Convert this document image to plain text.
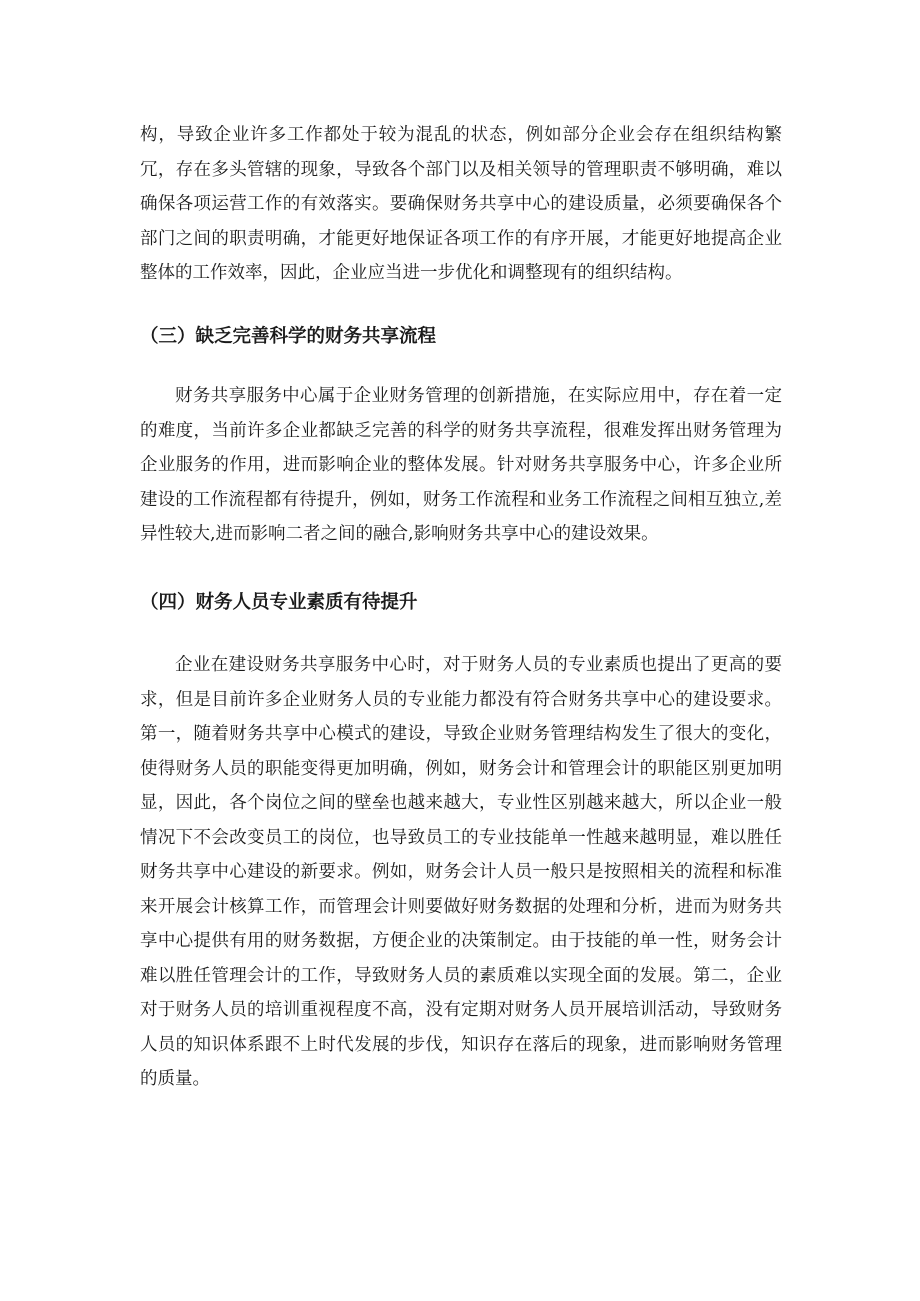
构，导致企业许多工作都处于较为混乱的状态，例如部分企业会存在组织结构繁冗，存在多头管辖的现象，导致各个部门以及相关领导的管理职责不够明确，难以确保各项运营工作的有效落实。要确保财务共享中心的建设质量，必须要确保各个部门之间的职责明确，才能更好地保证各项工作的有序开展，才能更好地提高企业整体的工作效率，因此，企业应当进一步优化和调整现有的组织结构。

（三）缺乏完善科学的财务共享流程

财务共享服务中心属于企业财务管理的创新措施，在实际应用中，存在着一定的难度，当前许多企业都缺乏完善的科学的财务共享流程，很难发挥出财务管理为企业服务的作用，进而影响企业的整体发展。针对财务共享服务中心，许多企业所建设的工作流程都有待提升，例如，财务工作流程和业务工作流程之间相互独立,差异性较大,进而影响二者之间的融合,影响财务共享中心的建设效果。

（四）财务人员专业素质有待提升

企业在建设财务共享服务中心时，对于财务人员的专业素质也提出了更高的要求，但是目前许多企业财务人员的专业能力都没有符合财务共享中心的建设要求。第一，随着财务共享中心模式的建设，导致企业财务管理结构发生了很大的变化，使得财务人员的职能变得更加明确，例如，财务会计和管理会计的职能区别更加明显，因此，各个岗位之间的壁垒也越来越大，专业性区别越来越大，所以企业一般情况下不会改变员工的岗位，也导致员工的专业技能单一性越来越明显，难以胜任财务共享中心建设的新要求。例如，财务会计人员一般只是按照相关的流程和标准来开展会计核算工作，而管理会计则要做好财务数据的处理和分析，进而为财务共享中心提供有用的财务数据，方便企业的决策制定。由于技能的单一性，财务会计难以胜任管理会计的工作，导致财务人员的素质难以实现全面的发展。第二，企业对于财务人员的培训重视程度不高，没有定期对财务人员开展培训活动，导致财务人员的知识体系跟不上时代发展的步伐，知识存在落后的现象，进而影响财务管理的质量。
